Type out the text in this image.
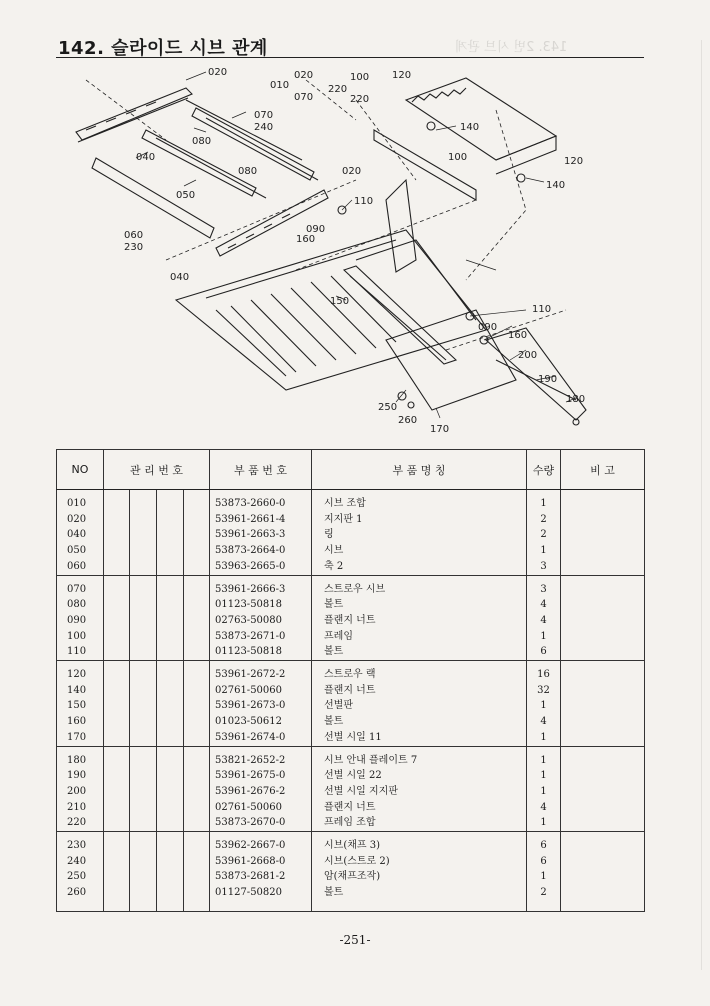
143. 2번 시브 관계
142. 슬라이드 시브 관계
020
010
020
070
220
100
220
120
140
070
240
080
040
080
100
050
020
120
140
110
090
060
230
160
040
150
110
090
160
200
190
180
250
260
170
NO	관 리 번 호				부 품 번 호	부 품 명 칭	수량	비 고
010					53873-2660-0	시브 조합	1	
020					53961-2661-4	지지판 1	2	
040					53961-2663-3	링	2	
050					53873-2664-0	시브	1	
060					53963-2665-0	축 2	3	
070					53961-2666-3	스트로우 시브	3	
080					01123-50818	볼트	4	
090					02763-50080	플랜지 너트	4	
100					53873-2671-0	프레임	1	
110					01123-50818	볼트	6	
120					53961-2672-2	스트로우 랙	16	
140					02761-50060	플랜지 너트	32	
150					53961-2673-0	선별판	1	
160					01023-50612	볼트	4	
170					53961-2674-0	선별 시일 11	1	
180					53821-2652-2	시브 안내 플레이트 7	1	
190					53961-2675-0	선별 시일 22	1	
200					53961-2676-2	선별 시일 지지판	1	
210					02761-50060	플랜지 너트	4	
220					53873-2670-0	프레임 조합	1	
230					53962-2667-0	시브(채프 3)	6	
240					53961-2668-0	시브(스트로 2)	6	
250					53873-2681-2	암(채프조작)	1	
260					01127-50820	볼트	2	
-251-
